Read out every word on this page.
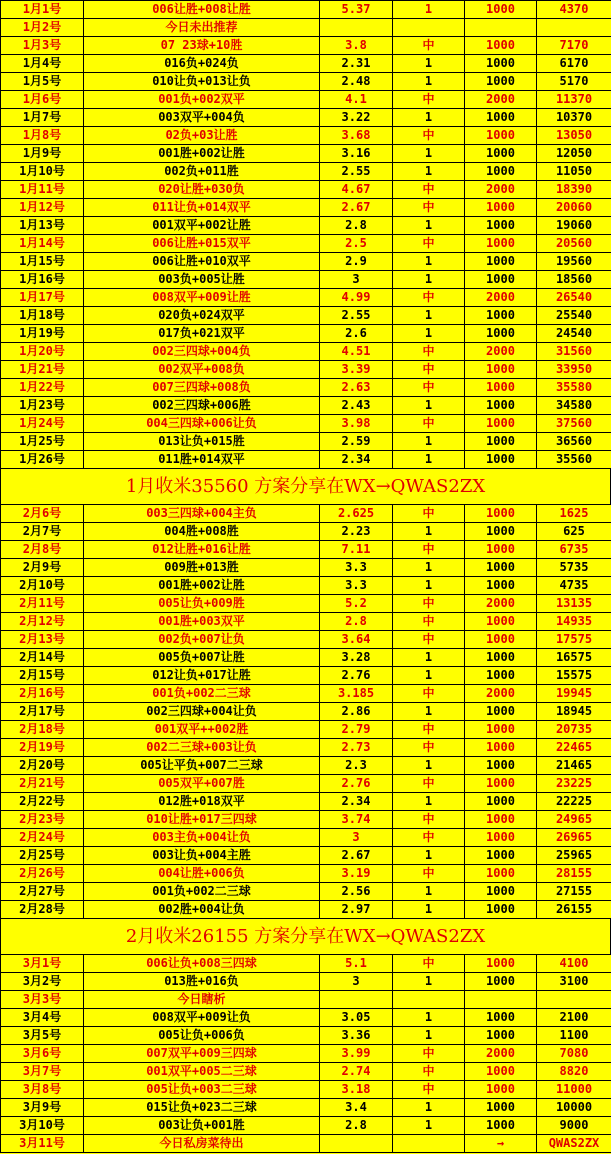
1月1号	006让胜+008让胜	5.37	1	1000	4370
1月2号	今日未出推荐				
1月3号	07 23球+10胜	3.8	中	1000	7170
1月4号	016负+024负	2.31	1	1000	6170
1月5号	010让负+013让负	2.48	1	1000	5170
1月6号	001负+002双平	4.1	中	2000	11370
1月7号	003双平+004负	3.22	1	1000	10370
1月8号	02负+03让胜	3.68	中	1000	13050
1月9号	001胜+002让胜	3.16	1	1000	12050
1月10号	002负+011胜	2.55	1	1000	11050
1月11号	020让胜+030负	4.67	中	2000	18390
1月12号	011让负+014双平	2.67	中	1000	20060
1月13号	001双平+002让胜	2.8	1	1000	19060
1月14号	006让胜+015双平	2.5	中	1000	20560
1月15号	006让胜+010双平	2.9	1	1000	19560
1月16号	003负+005让胜	3	1	1000	18560
1月17号	008双平+009让胜	4.99	中	2000	26540
1月18号	020负+024双平	2.55	1	1000	25540
1月19号	017负+021双平	2.6	1	1000	24540
1月20号	002三四球+004负	4.51	中	2000	31560
1月21号	002双平+008负	3.39	中	1000	33950
1月22号	007三四球+008负	2.63	中	1000	35580
1月23号	002三四球+006胜	2.43	1	1000	34580
1月24号	004三四球+006让负	3.98	中	1000	37560
1月25号	013让负+015胜	2.59	1	1000	36560
1月26号	011胜+014双平	2.34	1	1000	35560
1月收米35560 方案分享在WX→QWAS2ZX
2月6号	003三四球+004主负	2.625	中	1000	1625
2月7号	004胜+008胜	2.23	1	1000	625
2月8号	012让胜+016让胜	7.11	中	1000	6735
2月9号	009胜+013胜	3.3	1	1000	5735
2月10号	001胜+002让胜	3.3	1	1000	4735
2月11号	005让负+009胜	5.2	中	2000	13135
2月12号	001胜+003双平	2.8	中	1000	14935
2月13号	002负+007让负	3.64	中	1000	17575
2月14号	005负+007让胜	3.28	1	1000	16575
2月15号	012让负+017让胜	2.76	1	1000	15575
2月16号	001负+002二三球	3.185	中	2000	19945
2月17号	002三四球+004让负	2.86	1	1000	18945
2月18号	001双平++002胜	2.79	中	1000	20735
2月19号	002二三球+003让负	2.73	中	1000	22465
2月20号	005让平负+007二三球	2.3	1	1000	21465
2月21号	005双平+007胜	2.76	中	1000	23225
2月22号	012胜+018双平	2.34	1	1000	22225
2月23号	010让胜+017三四球	3.74	中	1000	24965
2月24号	003主负+004让负	3	中	1000	26965
2月25号	003让负+004主胜	2.67	1	1000	25965
2月26号	004让胜+006负	3.19	中	1000	28155
2月27号	001负+002二三球	2.56	1	1000	27155
2月28号	002胜+004让负	2.97	1	1000	26155
2月收米26155 方案分享在WX→QWAS2ZX
3月1号	006让负+008三四球	5.1	中	1000	4100
3月2号	013胜+016负	3	1	1000	3100
3月3号	今日瞎析				
3月4号	008双平+009让负	3.05	1	1000	2100
3月5号	005让负+006负	3.36	1	1000	1100
3月6号	007双平+009三四球	3.99	中	2000	7080
3月7号	001双平+005二三球	2.74	中	1000	8820
3月8号	005让负+003二三球	3.18	中	1000	11000
3月9号	015让负+023二三球	3.4	1	1000	10000
3月10号	003让负+001胜	2.8	1	1000	9000
3月11号	今日私房菜待出			→	QWAS2ZX
